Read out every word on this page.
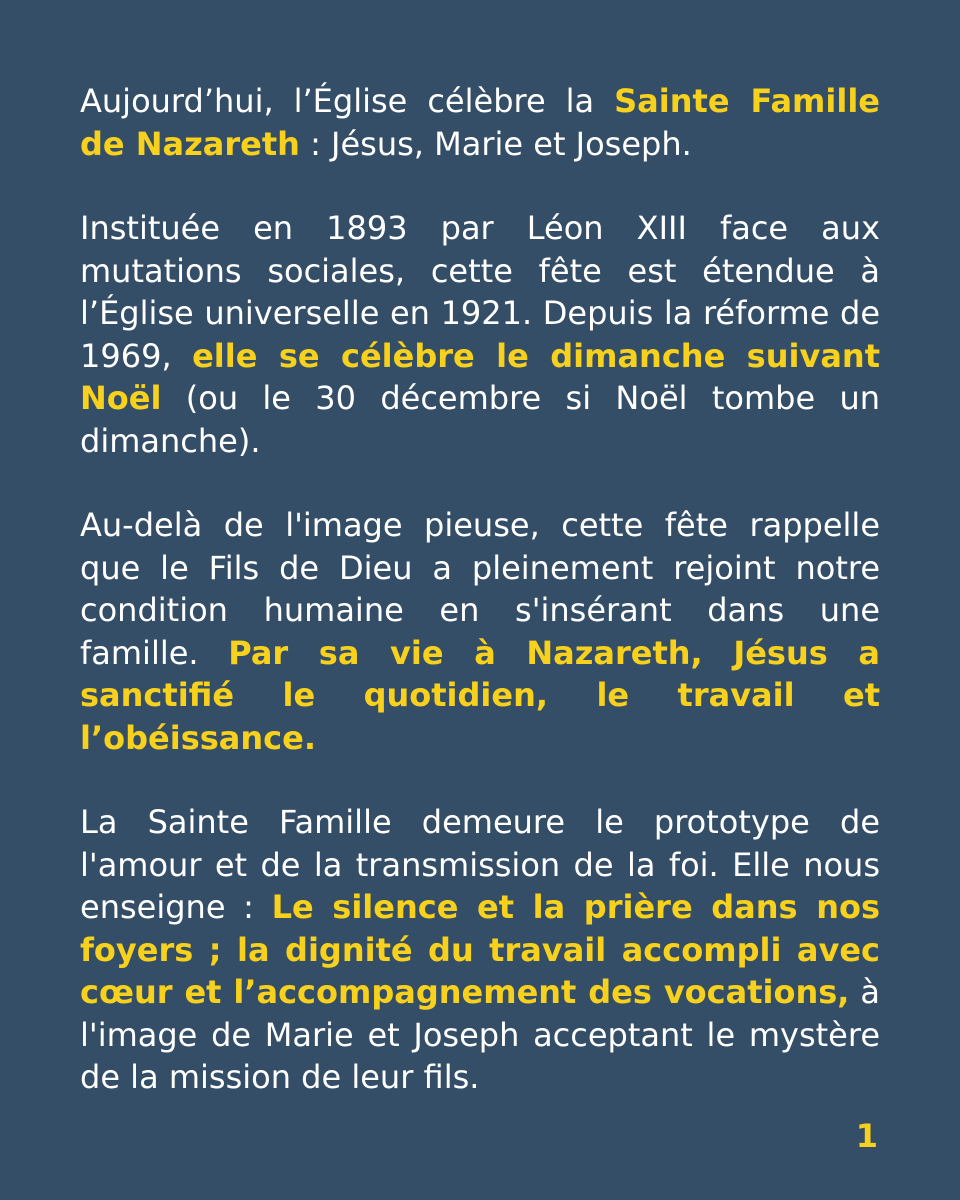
Aujourd’hui, l’Église célèbre la Sainte Famille de Nazareth : Jésus, Marie et Joseph.

Instituée en 1893 par Léon XIII face aux mutations sociales, cette fête est étendue à l’Église universelle en 1921. Depuis la réforme de 1969, elle se célèbre le dimanche suivant Noël (ou le 30 décembre si Noël tombe un dimanche).

Au-delà de l'image pieuse, cette fête rappelle que le Fils de Dieu a pleinement rejoint notre condition humaine en s'insérant dans une famille. Par sa vie à Nazareth, Jésus a sanctifié le quotidien, le travail et l’obéissance.

La Sainte Famille demeure le prototype de l'amour et de la transmission de la foi. Elle nous enseigne : Le silence et la prière dans nos foyers ; la dignité du travail accompli avec cœur et l’accompagnement des vocations, à l'image de Marie et Joseph acceptant le mystère de la mission de leur fils.

1
